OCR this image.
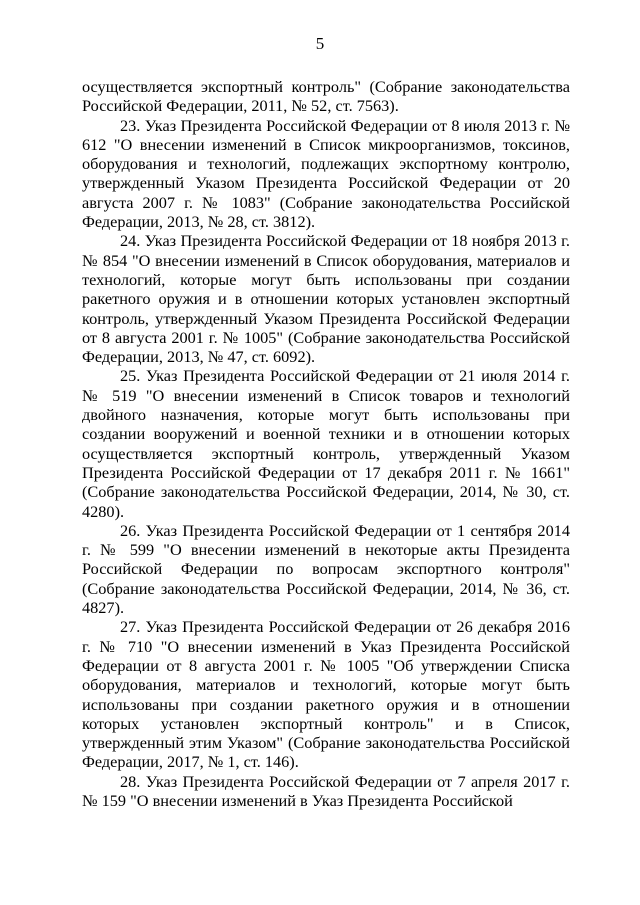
5

осуществляется экспортный контроль" (Собрание законодательства Российской Федерации, 2011, № 52, ст. 7563).

23. Указ Президента Российской Федерации от 8 июля 2013 г. № 612 "О внесении изменений в Список микроорганизмов, токсинов, оборудования и технологий, подлежащих экспортному контролю, утвержденный Указом Президента Российской Федерации от 20 августа 2007 г. № 1083" (Собрание законодательства Российской Федерации, 2013, № 28, ст. 3812).

24. Указ Президента Российской Федерации от 18 ноября 2013 г. № 854 "О внесении изменений в Список оборудования, материалов и технологий, которые могут быть использованы при создании ракетного оружия и в отношении которых установлен экспортный контроль, утвержденный Указом Президента Российской Федерации от 8 августа 2001 г. № 1005" (Собрание законодательства Российской Федерации, 2013, № 47, ст. 6092).

25. Указ Президента Российской Федерации от 21 июля 2014 г. № 519 "О внесении изменений в Список товаров и технологий двойного назначения, которые могут быть использованы при создании вооружений и военной техники и в отношении которых осуществляется экспортный контроль, утвержденный Указом Президента Российской Федерации от 17 декабря 2011 г. № 1661" (Собрание законодательства Российской Федерации, 2014, № 30, ст. 4280).

26. Указ Президента Российской Федерации от 1 сентября 2014 г. № 599 "О внесении изменений в некоторые акты Президента Российской Федерации по вопросам экспортного контроля" (Собрание законодательства Российской Федерации, 2014, № 36, ст. 4827).

27. Указ Президента Российской Федерации от 26 декабря 2016 г. № 710 "О внесении изменений в Указ Президента Российской Федерации от 8 августа 2001 г. № 1005 "Об утверждении Списка оборудования, материалов и технологий, которые могут быть использованы при создании ракетного оружия и в отношении которых установлен экспортный контроль" и в Список, утвержденный этим Указом" (Собрание законодательства Российской Федерации, 2017, № 1, ст. 146).

28. Указ Президента Российской Федерации от 7 апреля 2017 г. № 159 "О внесении изменений в Указ Президента Российской
